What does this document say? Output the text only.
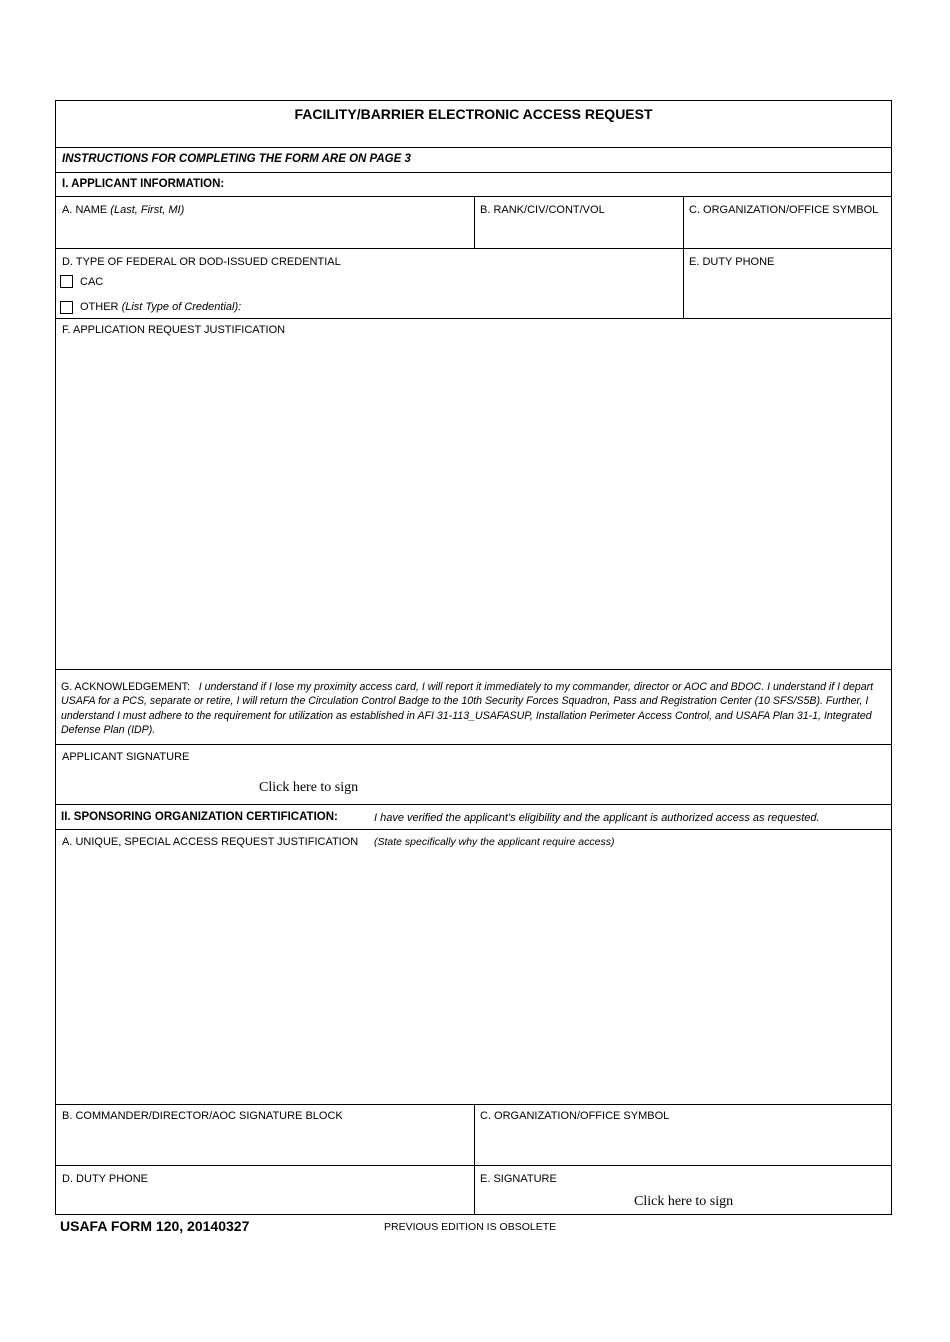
FACILITY/BARRIER ELECTRONIC ACCESS REQUEST
INSTRUCTIONS FOR COMPLETING THE FORM ARE ON PAGE 3
I. APPLICANT INFORMATION:
A. NAME (Last, First, MI)	B. RANK/CIV/CONT/VOL	C. ORGANIZATION/OFFICE SYMBOL
D. TYPE OF FEDERAL OR DOD-ISSUED CREDENTIAL
CAC
OTHER (List Type of Credential):
E. DUTY PHONE
F. APPLICATION REQUEST JUSTIFICATION
G. ACKNOWLEDGEMENT: I understand if I lose my proximity access card, I will report it immediately to my commander, director or AOC and BDOC. I understand if I depart USAFA for a PCS, separate or retire, I will return the Circulation Control Badge to the 10th Security Forces Squadron, Pass and Registration Center (10 SFS/S5B). Further, I understand I must adhere to the requirement for utilization as established in AFI 31-113_USAFASUP, Installation Perimeter Access Control, and USAFA Plan 31-1, Integrated Defense Plan (IDP).
APPLICANT SIGNATURE
Click here to sign
II. SPONSORING ORGANIZATION CERTIFICATION:	I have verified the applicant’s eligibility and the applicant is authorized access as requested.
A. UNIQUE, SPECIAL ACCESS REQUEST JUSTIFICATION (State specifically why the applicant require access)
B. COMMANDER/DIRECTOR/AOC SIGNATURE BLOCK	C. ORGANIZATION/OFFICE SYMBOL
D. DUTY PHONE	E. SIGNATURE
Click here to sign
USAFA FORM 120, 20140327	PREVIOUS EDITION IS OBSOLETE
